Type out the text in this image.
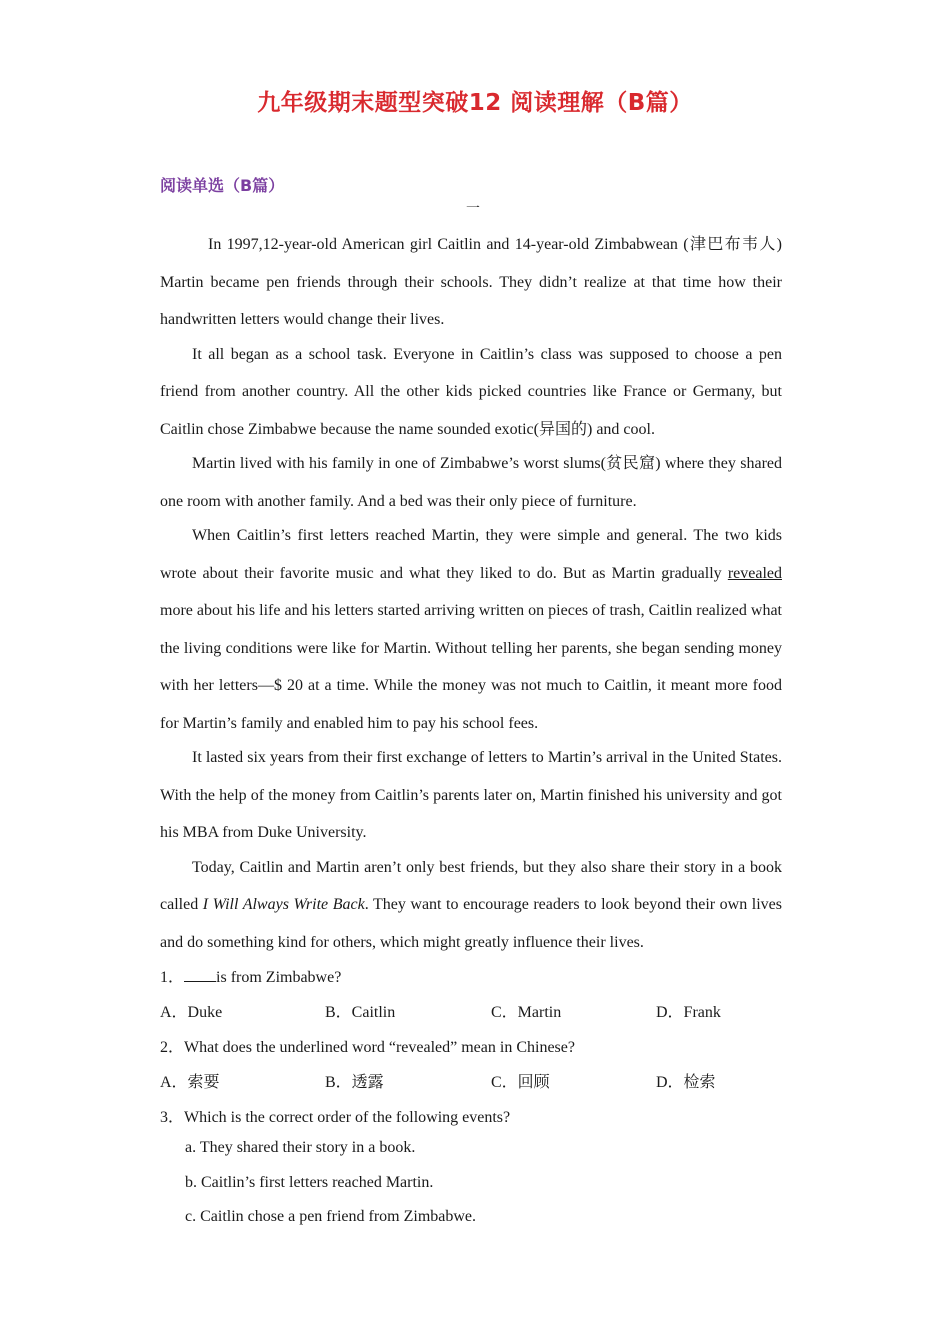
九年级期末题型突破12 阅读理解（B篇）
阅读单选（B篇）
一

In 1997,12-year-old American girl Caitlin and 14-year-old Zimbabwean (津巴布韦人) Martin became pen friends through their schools. They didn’t realize at that time how their handwritten letters would change their lives.

It all began as a school task. Everyone in Caitlin’s class was supposed to choose a pen friend from another country. All the other kids picked countries like France or Germany, but Caitlin chose Zimbabwe because the name sounded exotic(异国的) and cool.

Martin lived with his family in one of Zimbabwe’s worst slums(贫民窟) where they shared one room with another family. And a bed was their only piece of furniture.

When Caitlin’s first letters reached Martin, they were simple and general. The two kids wrote about their favorite music and what they liked to do. But as Martin gradually revealed more about his life and his letters started arriving written on pieces of trash, Caitlin realized what the living conditions were like for Martin. Without telling her parents, she began sending money with her letters—$ 20 at a time. While the money was not much to Caitlin, it meant more food for Martin’s family and enabled him to pay his school fees.

It lasted six years from their first exchange of letters to Martin’s arrival in the United States. With the help of the money from Caitlin’s parents later on, Martin finished his university and got his MBA from Duke University.

Today, Caitlin and Martin aren’t only best friends, but they also share their story in a book called I Will Always Write Back. They want to encourage readers to look beyond their own lives and do something kind for others, which might greatly influence their lives.

1． is from Zimbabwe?
A．Duke	B．Caitlin	C．Martin	D．Frank
2．What does the underlined word “revealed” mean in Chinese?
A．索要	B．透露	C．回顾	D．检索
3．Which is the correct order of the following events?
a. They shared their story in a book.
b. Caitlin’s first letters reached Martin.
c. Caitlin chose a pen friend from Zimbabwe.
